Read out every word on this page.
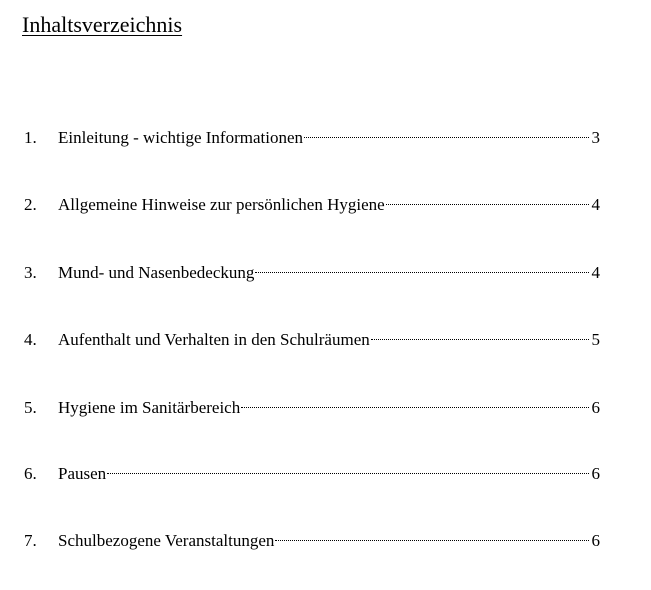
Inhaltsverzeichnis
1.	Einleitung - wichtige Informationen	3
2.	Allgemeine Hinweise zur persönlichen Hygiene	4
3.	Mund- und Nasenbedeckung	4
4.	Aufenthalt und Verhalten in den Schulräumen	5
5.	Hygiene im Sanitärbereich	6
6.	Pausen	6
7.	Schulbezogene Veranstaltungen	6
